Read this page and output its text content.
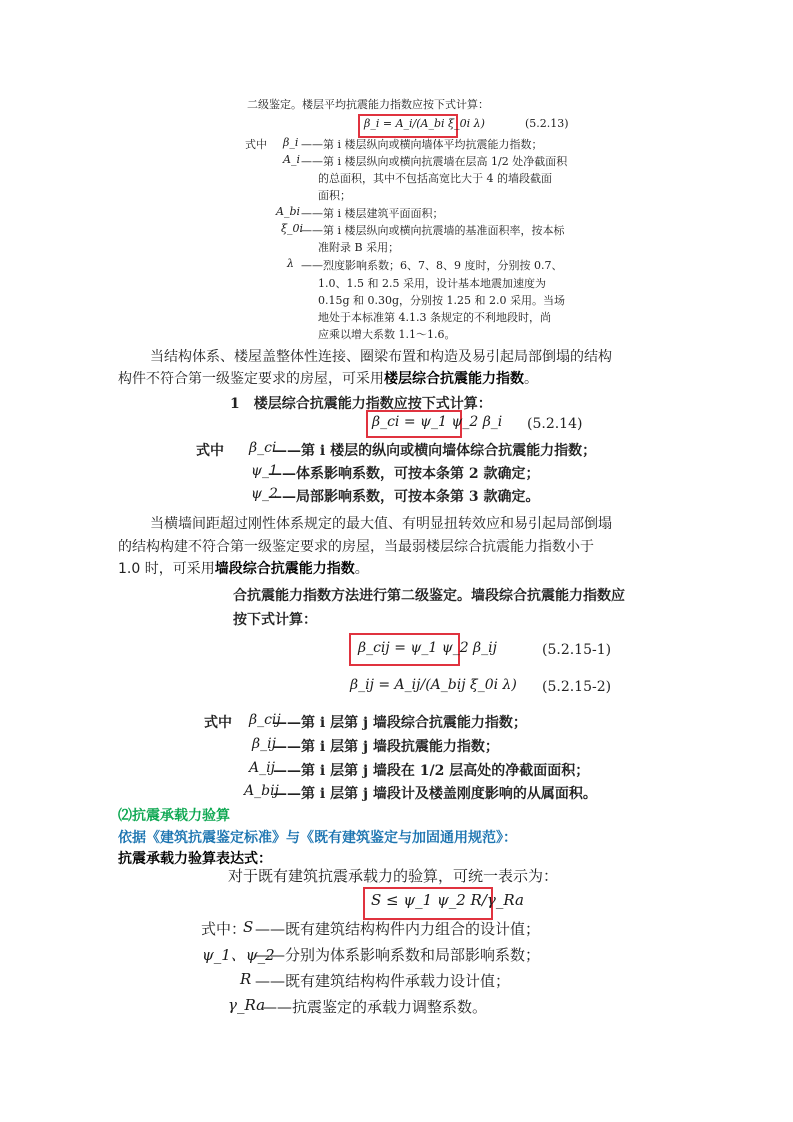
二级鉴定。楼层平均抗震能力指数应按下式计算：
β_i = A_i/(A_bi ξ_0i λ)	(5.2.13)
式中 β_i ——第 i 楼层纵向或横向墙体平均抗震能力指数；
A_i ——第 i 楼层纵向或横向抗震墙在层高 1/2 处净截面积
的总面积，其中不包括高宽比大于 4 的墙段截面
面积；
A_bi ——第 i 楼层建筑平面面积；
ξ_0i
——第 i 楼层纵向或横向抗震墙的基准面积率，按本标
准附录 B 采用；
λ ——烈度影响系数；6、7、8、9 度时，分别按 0.7、
1.0、1.5 和 2.5 采用，设计基本地震加速度为
0.15g 和 0.30g，分别按 1.25 和 2.0 采用。当场
地处于本标准第 4.1.3 条规定的不利地段时，尚
应乘以增大系数 1.1～1.6。
当结构体系、楼屋盖整体性连接、圈梁布置和构造及易引起局部倒塌的结构
构件不符合第一级鉴定要求的房屋，可采用楼层综合抗震能力指数。
1　楼层综合抗震能力指数应按下式计算：
β_ci = ψ_1 ψ_2 β_i (5.2.14)
式中 β_ci
——第 i 楼层的纵向或横向墙体综合抗震能力指数；
ψ_1
——体系影响系数，可按本条第 2 款确定；
ψ_2
——局部影响系数，可按本条第 3 款确定。
当横墙间距超过刚性体系规定的最大值、有明显扭转效应和易引起局部倒塌
的结构构建不符合第一级鉴定要求的房屋，当最弱楼层综合抗震能力指数小于
1.0 时，可采用墙段综合抗震能力指数。
合抗震能力指数方法进行第二级鉴定。墙段综合抗震能力指数应
按下式计算：
β_cij = ψ_1 ψ_2 β_ij	(5.2.15-1)
β_ij = A_ij/(A_bij ξ_0i λ) (5.2.15-2)
式中 β_cij
——第 i 层第 j 墙段综合抗震能力指数；
β_ij
——第 i 层第 j 墙段抗震能力指数；
A_ij
——第 i 层第 j 墙段在 1/2 层高处的净截面面积；
A_bij
——第 i 层第 j 墙段计及楼盖刚度影响的从属面积。
⑵抗震承载力验算
依据《建筑抗震鉴定标准》与《既有建筑鉴定与加固通用规范》：
抗震承载力验算表达式：
对于既有建筑抗震承载力的验算，可统一表示为：
S ≤ ψ_1 ψ_2 R/γ_Ra
式中：
S ——既有建筑结构构件内力组合的设计值；
ψ_1、ψ_2
——分别为体系影响系数和局部影响系数；
R ——既有建筑结构构件承载力设计值；
γ_Ra
——抗震鉴定的承载力调整系数。
